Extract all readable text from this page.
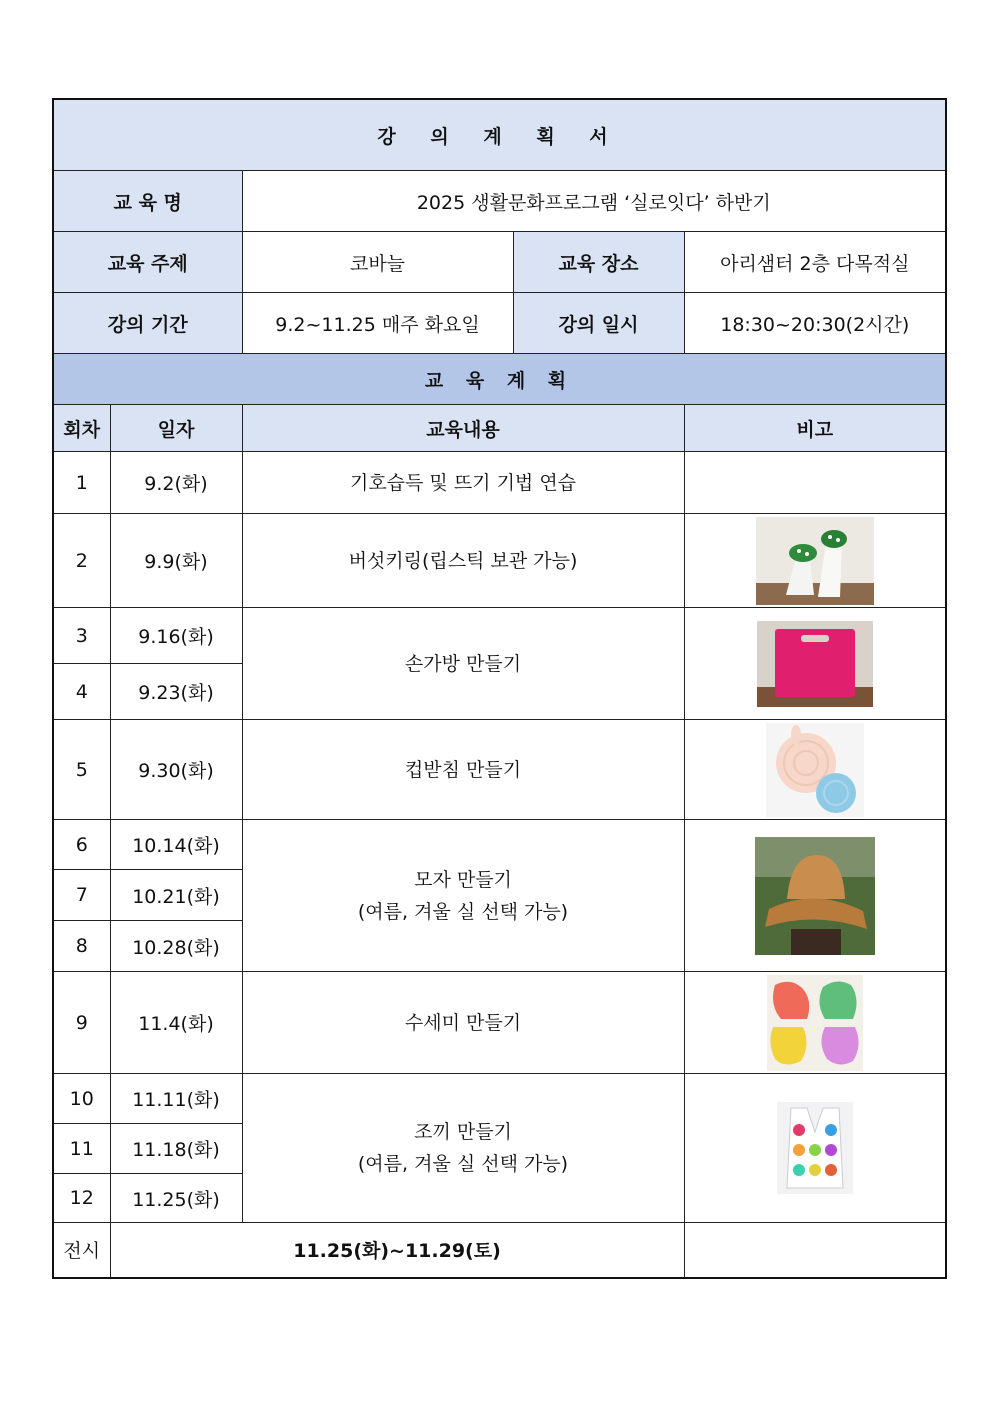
강 의 계 획 서				
교 육 명		2025 생활문화프로그램 ‘실로잇다’ 하반기		
교육 주제		코바늘	교육 장소	아리샘터 2층 다목적실
강의 기간		9.2~11.25 매주 화요일	강의 일시	18:30~20:30(2시간)
교 육 계 획				
회차	일자	교육내용		비고
1	9.2(화)	기호습득 및 뜨기 기법 연습		
2	9.9(화)	버섯키링(립스틱 보관 가능)	
3	9.16(화)	손가방 만들기	
4	9.23(화)			
5	9.30(화)	컵받침 만들기	
6	10.14(화)	모자 만들기
(여름, 겨울 실 선택 가능)

7	10.21(화)			
8	10.28(화)			
9	11.4(화)	수세미 만들기	
10	11.11(화)	조끼 만들기
(여름, 겨울 실 선택 가능)

11	11.18(화)			
12	11.25(화)			
전시	11.25(화)~11.29(토)			
